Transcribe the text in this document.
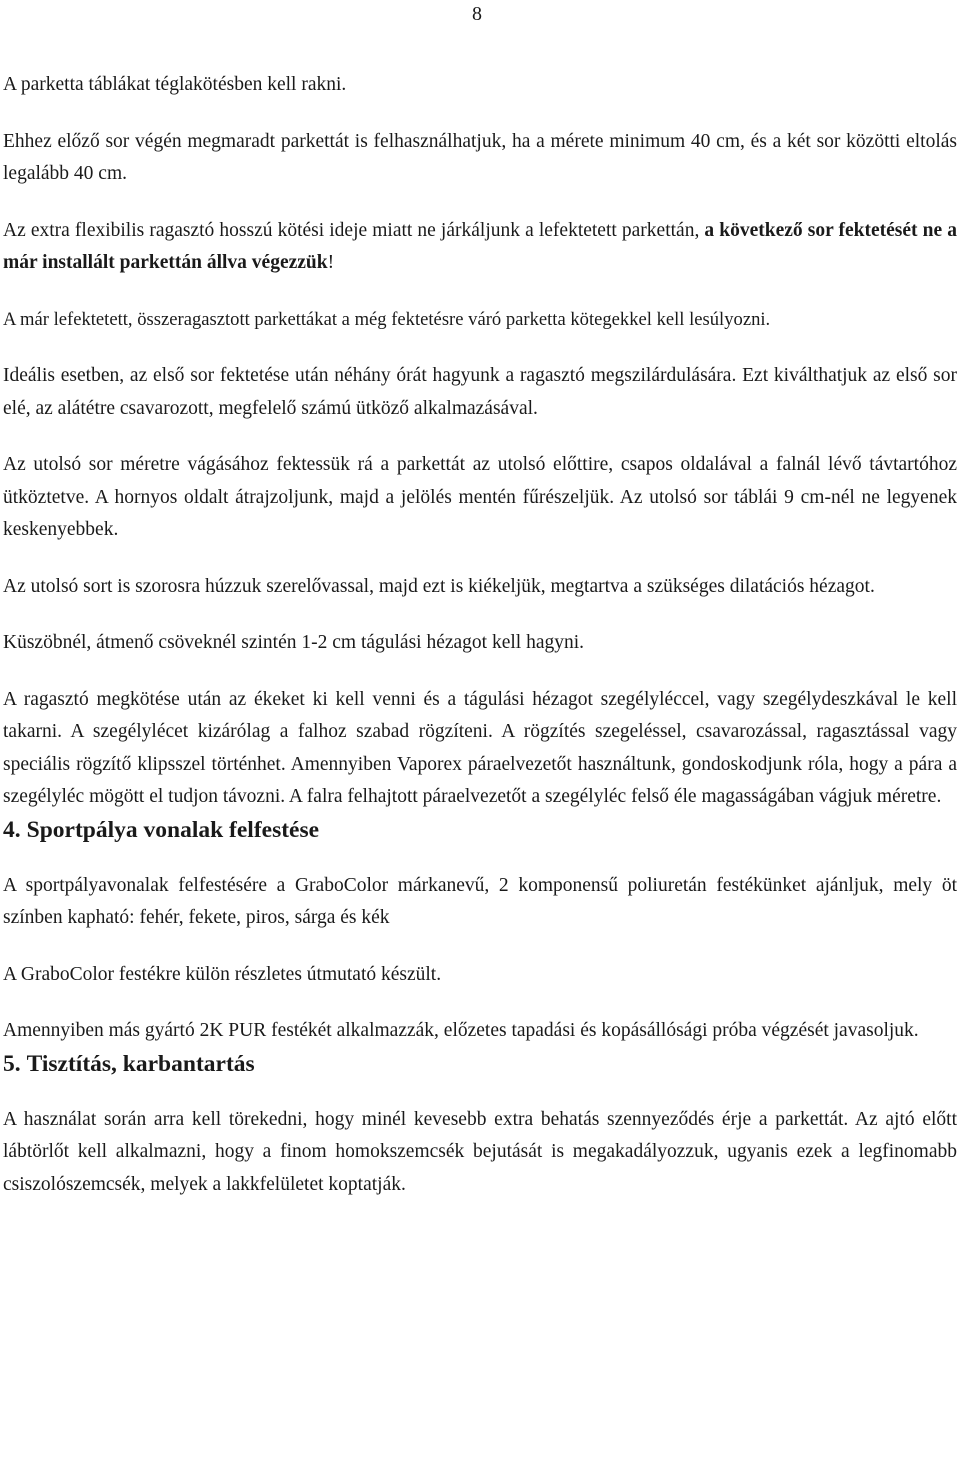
8

A parketta táblákat téglakötésben kell rakni.

Ehhez előző sor végén megmaradt parkettát is felhasználhatjuk, ha a mérete minimum 40 cm, és a két sor közötti eltolás legalább 40 cm.

Az extra flexibilis ragasztó hosszú kötési ideje miatt ne járkáljunk a lefektetett parkettán, a következő sor fektetését ne a már installált parkettán állva végezzük!

A már lefektetett, összeragasztott parkettákat a még fektetésre váró parketta kötegekkel kell lesúlyozni.

Ideális esetben, az első sor fektetése után néhány órát hagyunk a ragasztó megszilárdulására. Ezt kiválthatjuk az első sor elé, az alátétre csavarozott, megfelelő számú ütköző alkalmazásával.

Az utolsó sor méretre vágásához fektessük rá a parkettát az utolsó előttire, csapos oldalával a falnál lévő távtartóhoz ütköztetve. A hornyos oldalt átrajzoljunk, majd a jelölés mentén fűrészeljük. Az utolsó sor táblái 9 cm-nél ne legyenek keskenyebbek.

Az utolsó sort is szorosra húzzuk szerelővassal, majd ezt is kiékeljük, megtartva a szükséges dilatációs hézagot.

Küszöbnél, átmenő csöveknél szintén 1-2 cm tágulási hézagot kell hagyni.

A ragasztó megkötése után az ékeket ki kell venni és a tágulási hézagot szegélyléccel, vagy szegélydeszkával le kell takarni. A szegélylécet kizárólag a falhoz szabad rögzíteni. A rögzítés szegeléssel, csavarozással, ragasztással vagy speciális rögzítő klipsszel történhet. Amennyiben Vaporex páraelvezetőt használtunk, gondoskodjunk róla, hogy a pára a szegélyléc mögött el tudjon távozni. A falra felhajtott páraelvezetőt a szegélyléc felső éle magasságában vágjuk méretre.

4. Sportpálya vonalak felfestése

A sportpályavonalak felfestésére a GraboColor márkanevű, 2 komponensű poliuretán festékünket ajánljuk, mely öt színben kapható: fehér, fekete, piros, sárga és kék

A GraboColor festékre külön részletes útmutató készült.

Amennyiben más gyártó 2K PUR festékét alkalmazzák, előzetes tapadási és kopásállósági próba végzését javasoljuk.

5. Tisztítás, karbantartás

A használat során arra kell törekedni, hogy minél kevesebb extra behatás szennyeződés érje a parkettát. Az ajtó előtt lábtörlőt kell alkalmazni, hogy a finom homokszemcsék bejutását is megakadályozzuk, ugyanis ezek a legfinomabb csiszolószemcsék, melyek a lakkfelületet koptatják.
